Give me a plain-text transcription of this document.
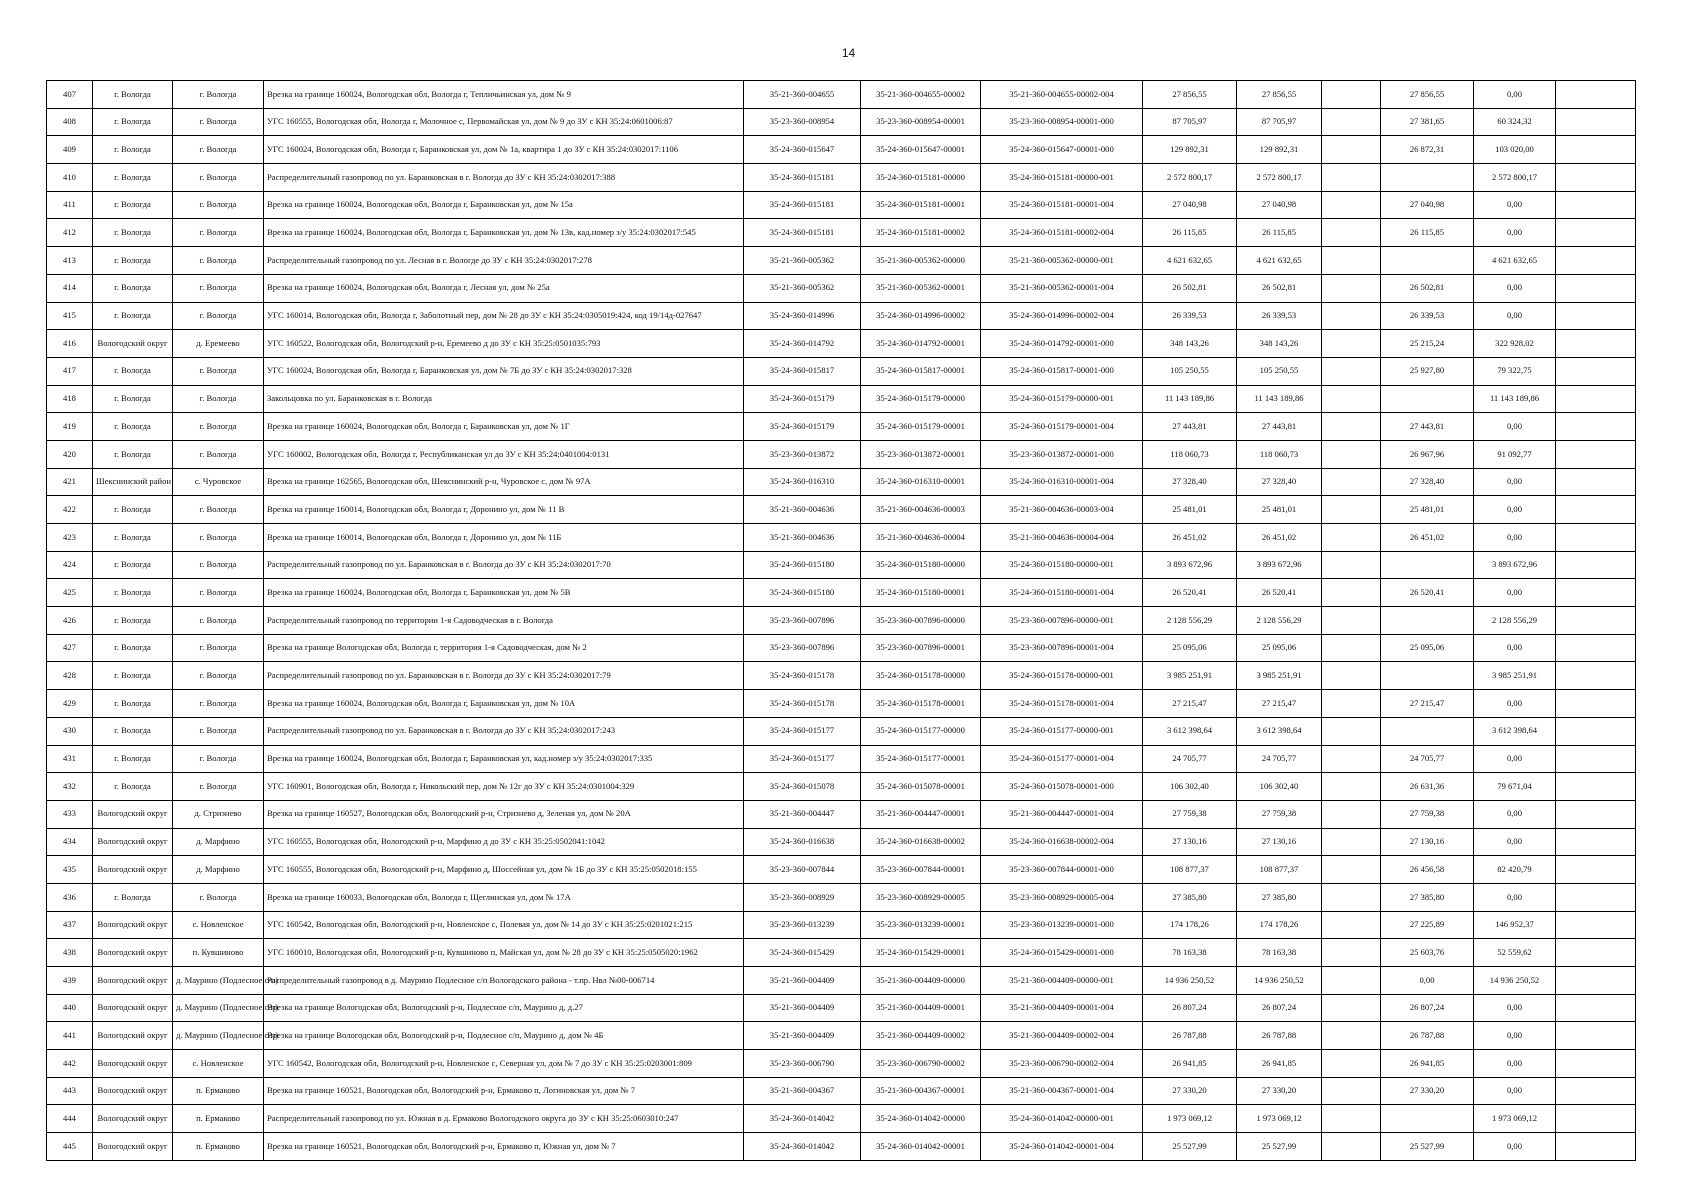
14
407	г. Вологда	г. Вологда	Врезка на границе 160024, Вологодская обл, Вологда г, Тепличьинская ул, дом № 9	35-21-360-004655	35-21-360-004655-00002	35-21-360-004655-00002-004	27 856,55	27 856,55		27 856,55	0,00	
408	г. Вологда	г. Вологда	УГС 160555, Вологодская обл, Вологда г, Молочное с, Первомайская ул, дом № 9 до ЗУ с КН 35:24:0601006:87	35-23-360-008954	35-23-360-008954-00001	35-23-360-008954-00001-000	87 705,97	87 705,97		27 381,65	60 324,32	
409	г. Вологда	г. Вологда	УГС 160024, Вологодская обл, Вологда г, Баранковская ул, дом № 1а, квартира 1 до ЗУ с КН 35:24:0302017:1106	35-24-360-015647	35-24-360-015647-00001	35-24-360-015647-00001-000	129 892,31	129 892,31		26 872,31	103 020,00	
410	г. Вологда	г. Вологда	Распределительный газопровод по ул. Баранковская в г. Вологда до ЗУ с КН 35:24:0302017:388	35-24-360-015181	35-24-360-015181-00000	35-24-360-015181-00000-001	2 572 800,17	2 572 800,17			2 572 800,17	
411	г. Вологда	г. Вологда	Врезка на границе 160024, Вологодская обл, Вологда г, Баранковская ул, дом № 15а	35-24-360-015181	35-24-360-015181-00001	35-24-360-015181-00001-004	27 040,98	27 040,98		27 040,98	0,00	
412	г. Вологда	г. Вологда	Врезка на границе 160024, Вологодская обл, Вологда г, Баранковская ул, дом № 13в, кад.номер з/у 35:24:0302017:545	35-24-360-015181	35-24-360-015181-00002	35-24-360-015181-00002-004	26 115,85	26 115,85		26 115,85	0,00	
413	г. Вологда	г. Вологда	Распределительный газопровод по ул. Лесная в г. Вологде до ЗУ с КН 35:24:0302017:278	35-21-360-005362	35-21-360-005362-00000	35-21-360-005362-00000-001	4 621 632,65	4 621 632,65			4 621 632,65	
414	г. Вологда	г. Вологда	Врезка на границе 160024, Вологодская обл, Вологда г, Лесная ул, дом № 25а	35-21-360-005362	35-21-360-005362-00001	35-21-360-005362-00001-004	26 502,81	26 502,81		26 502,81	0,00	
415	г. Вологда	г. Вологда	УГС 160014, Вологодская обл, Вологда г, Заболотный пер, дом № 28 до ЗУ с КН 35:24:0305019:424, код 19/14д-027647	35-24-360-014996	35-24-360-014996-00002	35-24-360-014996-00002-004	26 339,53	26 339,53		26 339,53	0,00	
416	Вологодский округ	д. Еремеево	УГС 160522, Вологодская обл, Вологодский р-н, Еремеево д до ЗУ с КН 35:25:0501035:793	35-24-360-014792	35-24-360-014792-00001	35-24-360-014792-00001-000	348 143,26	348 143,26		25 215,24	322 928,02	
417	г. Вологда	г. Вологда	УГС 160024, Вологодская обл, Вологда г, Баранковская ул, дом № 7Б до ЗУ с КН 35:24:0302017:328	35-24-360-015817	35-24-360-015817-00001	35-24-360-015817-00001-000	105 250,55	105 250,55		25 927,80	79 322,75	
418	г. Вологда	г. Вологда	Закольцовка по ул. Баранковская в г. Вологда	35-24-360-015179	35-24-360-015179-00000	35-24-360-015179-00000-001	11 143 189,86	11 143 189,86			11 143 189,86	
419	г. Вологда	г. Вологда	Врезка на границе 160024, Вологодская обл, Вологда г, Баранковская ул, дом № 1Г	35-24-360-015179	35-24-360-015179-00001	35-24-360-015179-00001-004	27 443,81	27 443,81		27 443,81	0,00	
420	г. Вологда	г. Вологда	УГС 160002, Вологодская обл, Вологда г, Республиканская ул до ЗУ с КН 35:24:0401004:0131	35-23-360-013872	35-23-360-013872-00001	35-23-360-013872-00001-000	118 060,73	118 060,73		26 967,96	91 092,77	
421	Шекснинский район	с. Чуровское	Врезка на границе 162565, Вологодская обл, Шекснинский р-н, Чуровское с, дом № 97А	35-24-360-016310	35-24-360-016310-00001	35-24-360-016310-00001-004	27 328,40	27 328,40		27 328,40	0,00	
422	г. Вологда	г. Вологда	Врезка на границе 160014, Вологодская обл, Вологда г, Доронино ул, дом № 11 В	35-21-360-004636	35-21-360-004636-00003	35-21-360-004636-00003-004	25 481,01	25 481,01		25 481,01	0,00	
423	г. Вологда	г. Вологда	Врезка на границе 160014, Вологодская обл, Вологда г, Доронино ул, дом № 11Б	35-21-360-004636	35-21-360-004636-00004	35-21-360-004636-00004-004	26 451,02	26 451,02		26 451,02	0,00	
424	г. Вологда	г. Вологда	Распределительный газопровод по ул. Баранковская в г. Вологда до ЗУ с КН 35:24:0302017:70	35-24-360-015180	35-24-360-015180-00000	35-24-360-015180-00000-001	3 893 672,96	3 893 672,96			3 893 672,96	
425	г. Вологда	г. Вологда	Врезка на границе 160024, Вологодская обл, Вологда г, Баранковская ул, дом № 5В	35-24-360-015180	35-24-360-015180-00001	35-24-360-015180-00001-004	26 520,41	26 520,41		26 520,41	0,00	
426	г. Вологда	г. Вологда	Распределительный газопровод по территории 1-я Садоводческая в г. Вологда	35-23-360-007896	35-23-360-007896-00000	35-23-360-007896-00000-001	2 128 556,29	2 128 556,29			2 128 556,29	
427	г. Вологда	г. Вологда	Врезка на границе Вологодская обл, Вологда г, территория 1-я Садоводческая, дом № 2	35-23-360-007896	35-23-360-007896-00001	35-23-360-007896-00001-004	25 095,06	25 095,06		25 095,06	0,00	
428	г. Вологда	г. Вологда	Распределительный газопровод по ул. Баранковская в г. Вологда до ЗУ с КН 35:24:0302017:79	35-24-360-015178	35-24-360-015178-00000	35-24-360-015178-00000-001	3 985 251,91	3 985 251,91			3 985 251,91	
429	г. Вологда	г. Вологда	Врезка на границе 160024, Вологодская обл, Вологда г, Баранковская ул, дом № 10А	35-24-360-015178	35-24-360-015178-00001	35-24-360-015178-00001-004	27 215,47	27 215,47		27 215,47	0,00	
430	г. Вологда	г. Вологда	Распределительный газопровод по ул. Баранковская в г. Вологда до ЗУ с КН 35:24:0302017:243	35-24-360-015177	35-24-360-015177-00000	35-24-360-015177-00000-001	3 612 398,64	3 612 398,64			3 612 398,64	
431	г. Вологда	г. Вологда	Врезка на границе 160024, Вологодская обл, Вологда г, Баранковская ул, кад.номер з/у 35:24:0302017:335	35-24-360-015177	35-24-360-015177-00001	35-24-360-015177-00001-004	24 705,77	24 705,77		24 705,77	0,00	
432	г. Вологда	г. Вологда	УГС 160901, Вологодская обл, Вологда г, Никольский пер, дом № 12г до ЗУ с КН 35:24:0301004:329	35-24-360-015078	35-24-360-015078-00001	35-24-360-015078-00001-000	106 302,40	106 302,40		26 631,36	79 671,04	
433	Вологодский округ	д. Стризнево	Врезка на границе 160527, Вологодская обл, Вологодский р-н, Стризнево д, Зеленая ул, дом № 20А	35-21-360-004447	35-21-360-004447-00001	35-21-360-004447-00001-004	27 759,38	27 759,38		27 759,38	0,00	
434	Вологодский округ	д. Марфино	УГС 160555, Вологодская обл, Вологодский р-н, Марфино д до ЗУ с КН 35:25:0502041:1042	35-24-360-016638	35-24-360-016638-00002	35-24-360-016638-00002-004	27 130,16	27 130,16		27 130,16	0,00	
435	Вологодский округ	д. Марфино	УГС 160555, Вологодская обл, Вологодский р-н, Марфино д, Шоссейная ул, дом № 1Б до ЗУ с КН 35:25:0502018:155	35-23-360-007844	35-23-360-007844-00001	35-23-360-007844-00001-000	108 877,37	108 877,37		26 456,58	82 420,79	
436	г. Вологда	г. Вологда	Врезка на границе 160033, Вологодская обл, Вологда г, Щеглинская ул, дом № 17А	35-23-360-008929	35-23-360-008929-00005	35-23-360-008929-00005-004	27 385,80	27 385,80		27 385,80	0,00	
437	Вологодский округ	с. Новленское	УГС 160542, Вологодская обл, Вологодский р-н, Новленское с, Полевая ул, дом № 14 до ЗУ с КН 35:25:0201021:215	35-23-360-013239	35-23-360-013239-00001	35-23-360-013239-00001-000	174 178,26	174 178,26		27 225,89	146 952,37	
438	Вологодский округ	п. Кувшиново	УГС 160010, Вологодская обл, Вологодский р-н, Кувшиново п, Майская ул, дом № 28 до ЗУ с КН 35:25:0505020:1962	35-24-360-015429	35-24-360-015429-00001	35-24-360-015429-00001-000	78 163,38	78 163,38		25 603,76	52 559,62	
439	Вологодский округ	д. Маурино (Подлесное с/п)	Распределительный газопровод в д. Маурино Подлесное с/п Вологодского района - т.пр. Нвл №00-006714	35-21-360-004409	35-21-360-004409-00000	35-21-360-004409-00000-001	14 936 250,52	14 936 250,52		0,00	14 936 250,52	
440	Вологодский округ	д. Маурино (Подлесное с/п)	Врезка на границе Вологодская обл, Вологодский р-н, Подлесное с/п, Маурино д, д.27	35-21-360-004409	35-21-360-004409-00001	35-21-360-004409-00001-004	26 807,24	26 807,24		26 807,24	0,00	
441	Вологодский округ	д. Маурино (Подлесное с/п)	Врезка на границе Вологодская обл, Вологодский р-н, Подлесное с/п, Маурино д, дом № 4Б	35-21-360-004409	35-21-360-004409-00002	35-21-360-004409-00002-004	26 787,88	26 787,88		26 787,88	0,00	
442	Вологодский округ	с. Новленское	УГС 160542, Вологодская обл, Вологодский р-н, Новленское с, Северная ул, дом № 7 до ЗУ с КН 35:25:0203001:809	35-23-360-006790	35-23-360-006790-00002	35-23-360-006790-00002-004	26 941,85	26 941,85		26 941,85	0,00	
443	Вологодский округ	п. Ермаково	Врезка на границе 160521, Вологодская обл, Вологодский р-н, Ермаково п, Логиновская ул, дом № 7	35-21-360-004367	35-21-360-004367-00001	35-21-360-004367-00001-004	27 330,20	27 330,20		27 330,20	0,00	
444	Вологодский округ	п. Ермаково	Распределительный газопровод по ул. Южная в д. Ермаково Вологодского округа до ЗУ с КН 35:25:0603010:247	35-24-360-014042	35-24-360-014042-00000	35-24-360-014042-00000-001	1 973 069,12	1 973 069,12			1 973 069,12	
445	Вологодский округ	п. Ермаково	Врезка на границе 160521, Вологодская обл, Вологодский р-н, Ермаково п, Южная ул, дом № 7	35-24-360-014042	35-24-360-014042-00001	35-24-360-014042-00001-004	25 527,99	25 527,99		25 527,99	0,00	
